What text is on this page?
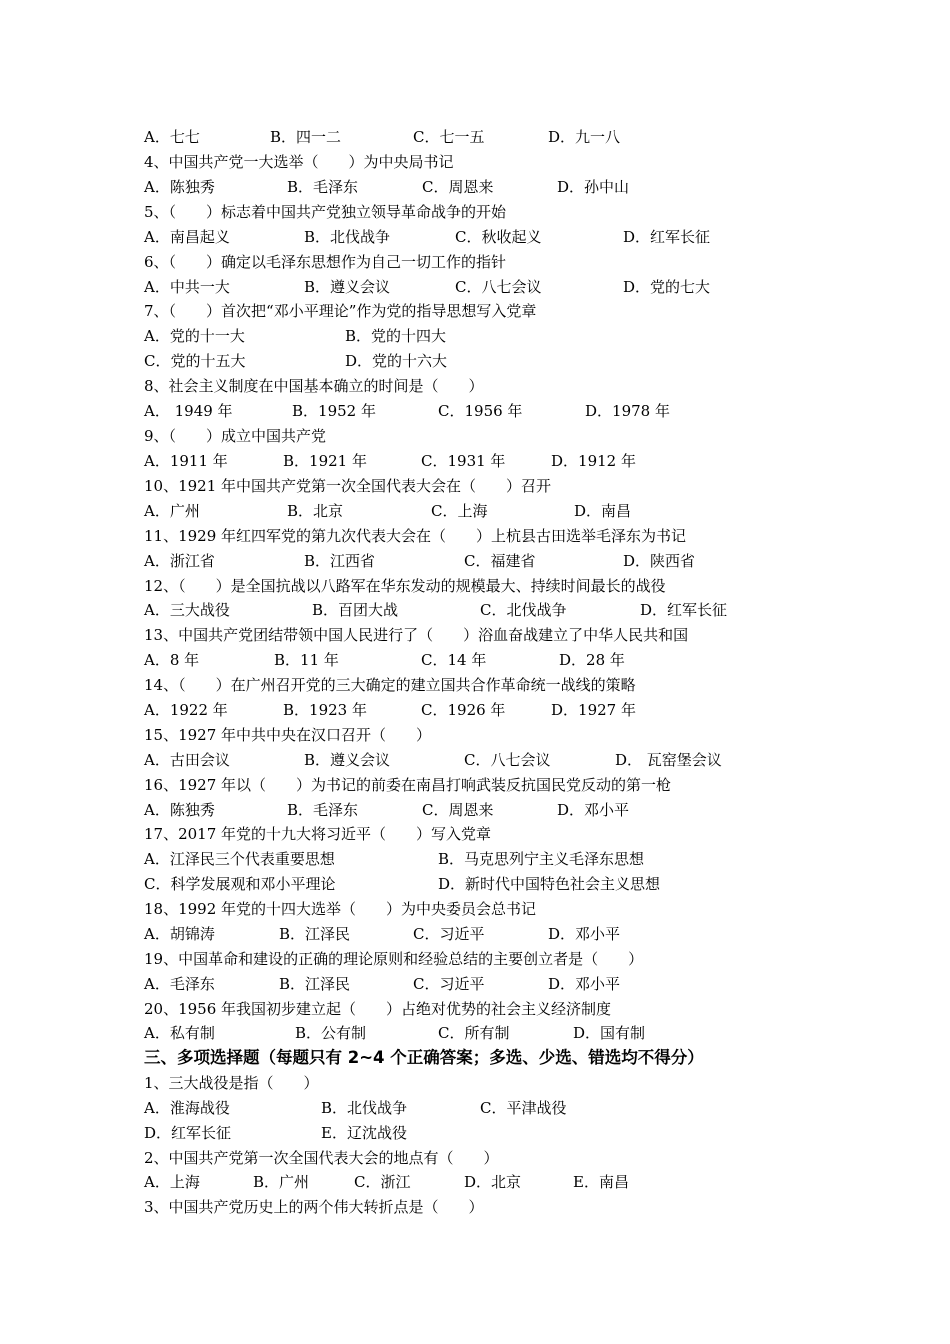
A．七七	B．四一二	C．七一五	D．九一八
4、中国共产党一大选举（　　）为中央局书记
A．陈独秀	B．毛泽东	C．周恩来	D．孙中山
5、（　　）标志着中国共产党独立领导革命战争的开始
A．南昌起义	B．北伐战争	C．秋收起义	D．红军长征
6、（　　）确定以毛泽东思想作为自己一切工作的指针
A．中共一大	B．遵义会议	C．八七会议	D．党的七大
7、（　　）首次把“邓小平理论”作为党的指导思想写入党章
A．党的十一大	B．党的十四大
C．党的十五大	D．党的十六大
8、社会主义制度在中国基本确立的时间是（　　）
A． 1949 年	B．1952 年	C．1956 年	D．1978 年
9、（　　）成立中国共产党
A．1911 年	B．1921 年	C．1931 年	D．1912 年
10、1921 年中国共产党第一次全国代表大会在（　　）召开
A．广州	B．北京	C．上海	D．南昌
11、1929 年红四军党的第九次代表大会在（　　）上杭县古田选举毛泽东为书记
A．浙江省	B．江西省	C．福建省	D．陕西省
12、（　　）是全国抗战以八路军在华东发动的规模最大、持续时间最长的战役
A．三大战役	B．百团大战	C．北伐战争	D．红军长征
13、中国共产党团结带领中国人民进行了（　　）浴血奋战建立了中华人民共和国
A．8 年	B．11 年	C．14 年	D．28 年
14、（　　）在广州召开党的三大确定的建立国共合作革命统一战线的策略
A．1922 年	B．1923 年	C．1926 年	D．1927 年
15、1927 年中共中央在汉口召开（　　）
A．古田会议	B．遵义会议	C．八七会议	D． 瓦窑堡会议
16、1927 年以（　　）为书记的前委在南昌打响武装反抗国民党反动的第一枪
A．陈独秀	B．毛泽东	C．周恩来	D．邓小平
17、2017 年党的十九大将习近平（　　）写入党章
A．江泽民三个代表重要思想	B．马克思列宁主义毛泽东思想
C．科学发展观和邓小平理论	D．新时代中国特色社会主义思想
18、1992 年党的十四大选举（　　）为中央委员会总书记
A．胡锦涛	B．江泽民	C．习近平	D．邓小平
19、中国革命和建设的正确的理论原则和经验总结的主要创立者是（　　）
A．毛泽东	B．江泽民	C．习近平	D．邓小平
20、1956 年我国初步建立起（　　）占绝对优势的社会主义经济制度
A．私有制	B．公有制	C．所有制	D．国有制
三、多项选择题（每题只有 2~4 个正确答案；多选、少选、错选均不得分）
1、三大战役是指（　　）
A．淮海战役	B．北伐战争	C．平津战役
D．红军长征	E．辽沈战役
2、中国共产党第一次全国代表大会的地点有（　　）
A．上海	B．广州	C．浙江	D．北京	E．南昌
3、中国共产党历史上的两个伟大转折点是（　　）
